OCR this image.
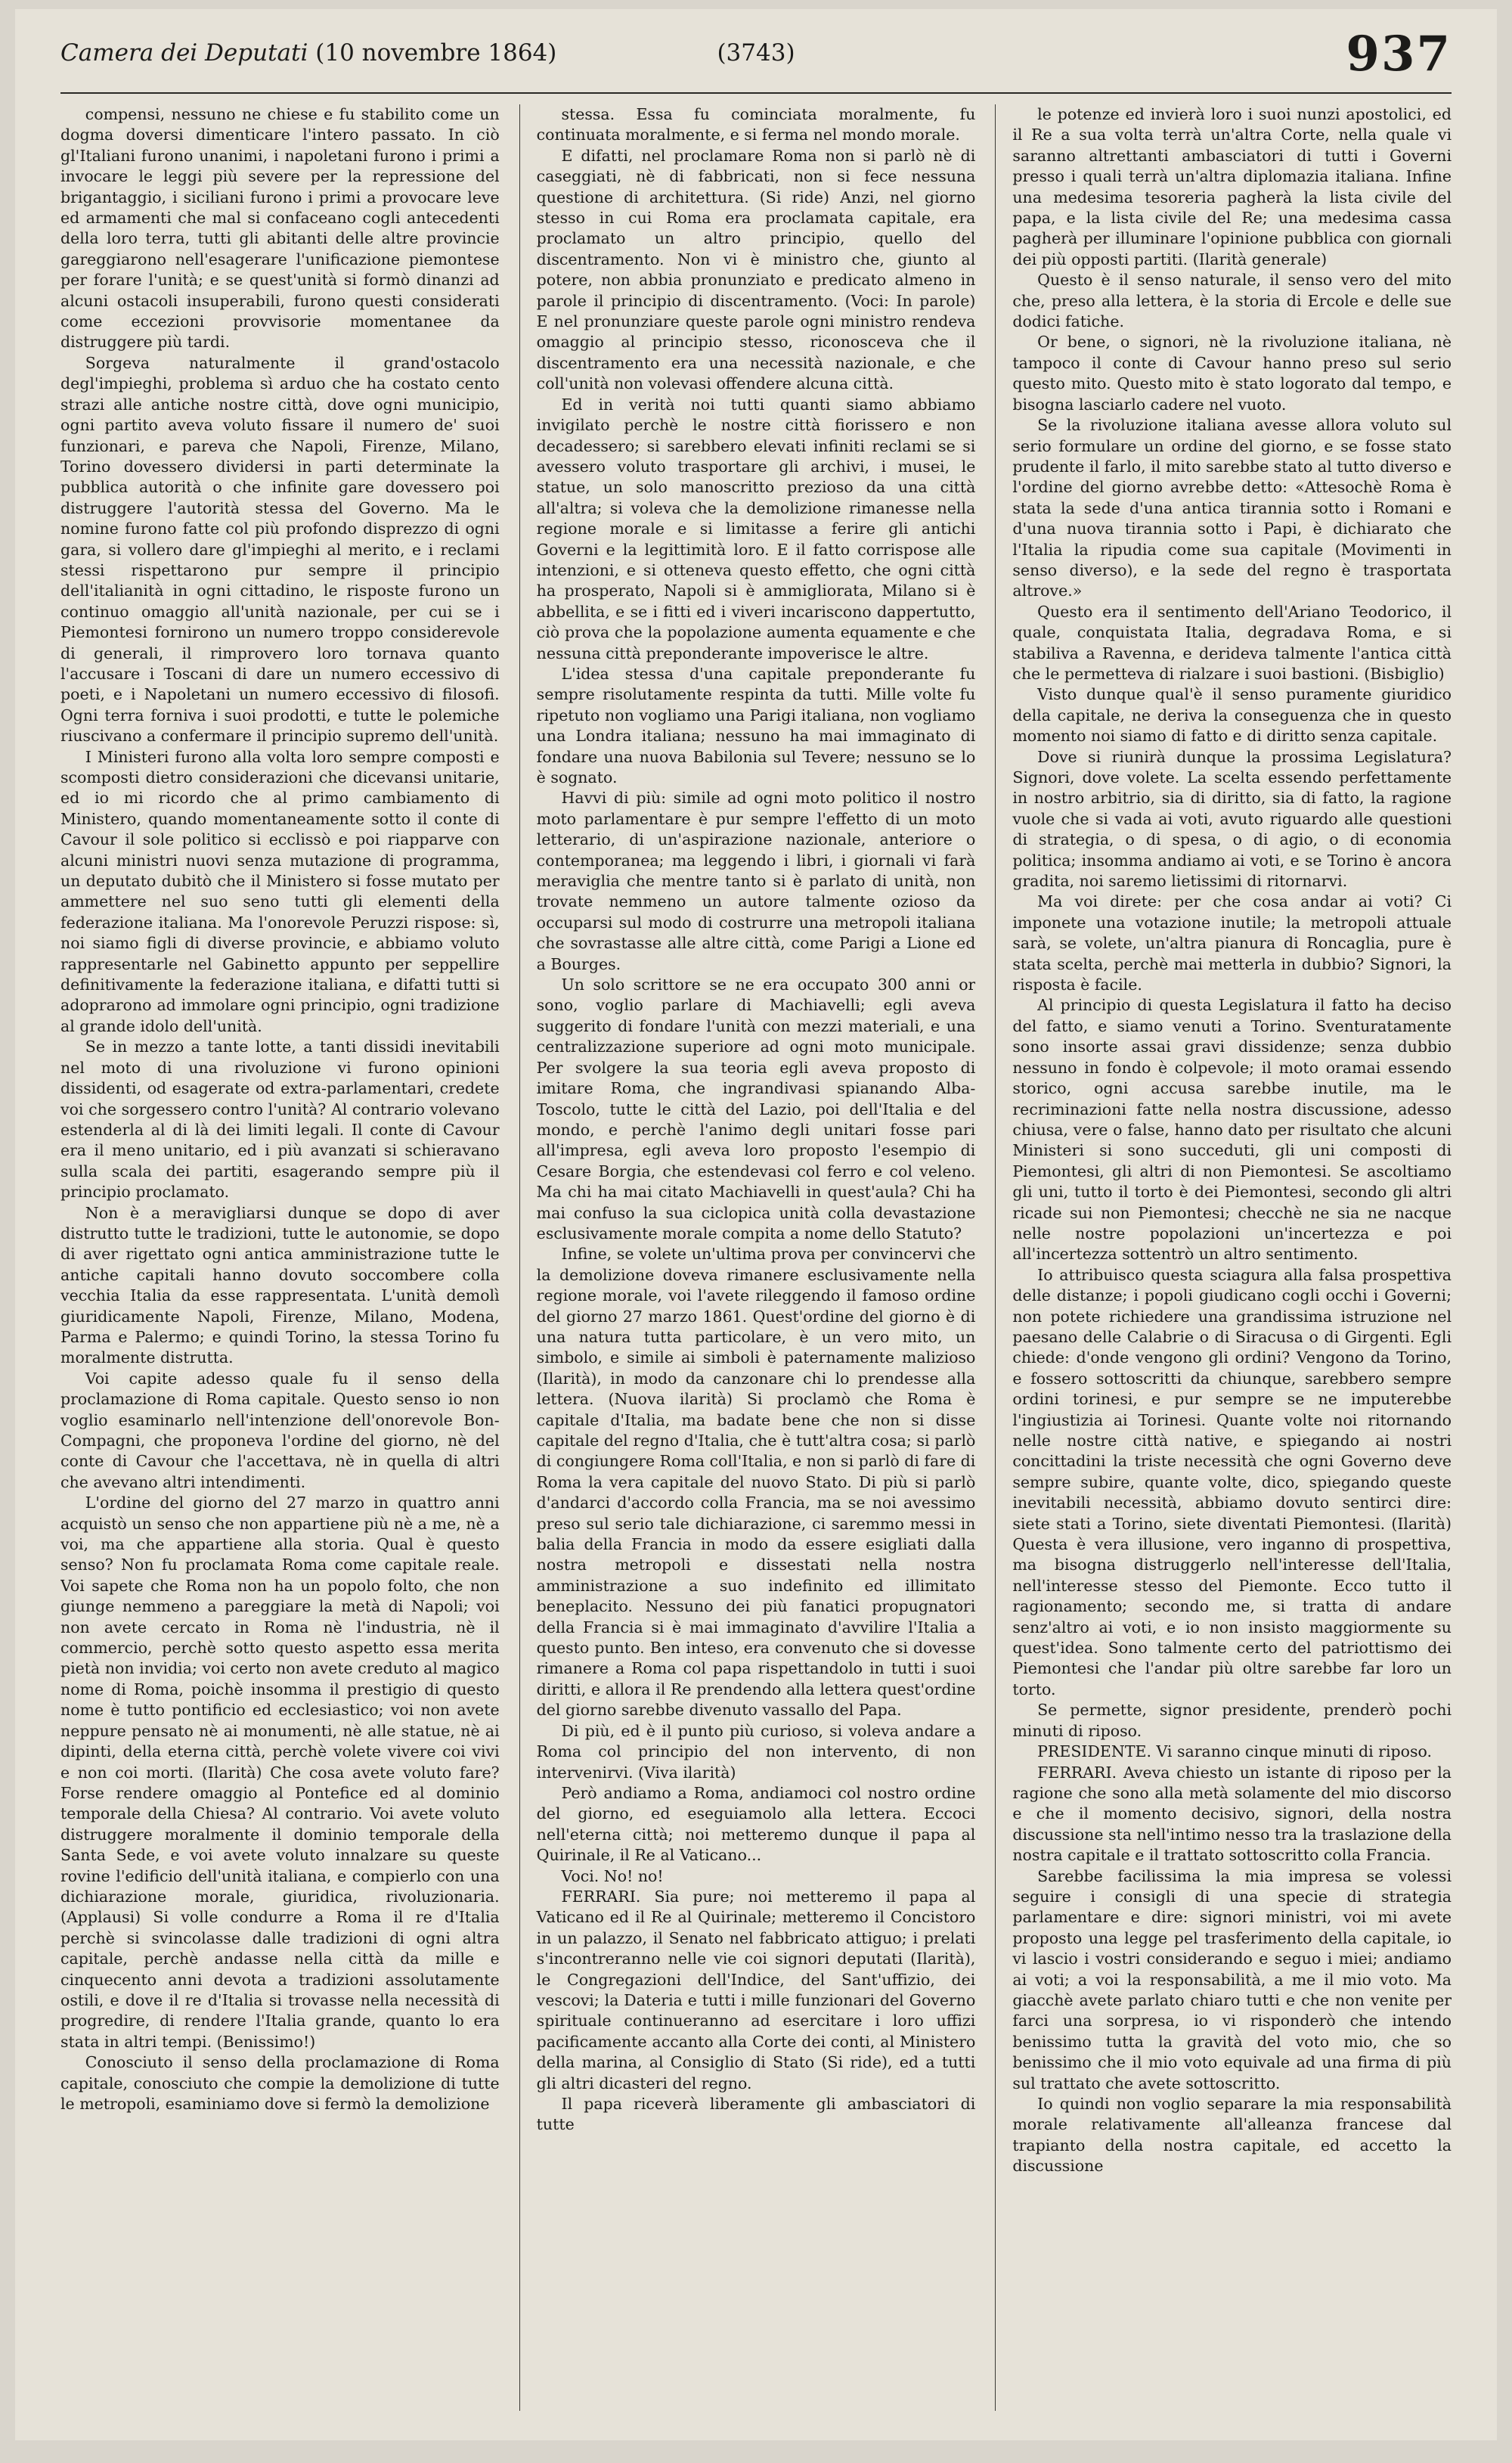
Camera dei Deputati (10 novembre 1864)	(3743)	937

compensi, nessuno ne chiese e fu stabilito come un dogma doversi dimenticare l'intero passato. In ciò gl'Italiani furono unanimi, i napoletani furono i primi a invocare le leggi più severe per la repressione del brigantaggio, i siciliani furono i primi a provocare leve ed armamenti che mal si confaceano cogli antecedenti della loro terra, tutti gli abitanti delle altre provincie gareggiarono nell'esagerare l'unificazione piemontese per forare l'unità; e se quest'unità si formò dinanzi ad alcuni ostacoli insuperabili, furono questi considerati come eccezioni provvisorie momentanee da distruggere più tardi.

Sorgeva naturalmente il grand'ostacolo degl'impieghi, problema sì arduo che ha costato cento strazi alle antiche nostre città, dove ogni municipio, ogni partito aveva voluto fissare il numero de' suoi funzionari, e pareva che Napoli, Firenze, Milano, Torino dovessero dividersi in parti determinate la pubblica autorità o che infinite gare dovessero poi distruggere l'autorità stessa del Governo. Ma le nomine furono fatte col più profondo disprezzo di ogni gara, si vollero dare gl'impieghi al merito, e i reclami stessi rispettarono pur sempre il principio dell'italianità in ogni cittadino, le risposte furono un continuo omaggio all'unità nazionale, per cui se i Piemontesi fornirono un numero troppo considerevole di generali, il rimprovero loro tornava quanto l'accusare i Toscani di dare un numero eccessivo di poeti, e i Napoletani un numero eccessivo di filosofi. Ogni terra forniva i suoi prodotti, e tutte le polemiche riuscivano a confermare il principio supremo dell'unità.

I Ministeri furono alla volta loro sempre composti e scomposti dietro considerazioni che dicevansi unitarie, ed io mi ricordo che al primo cambiamento di Ministero, quando momentaneamente sotto il conte di Cavour il sole politico si ecclissò e poi riapparve con alcuni ministri nuovi senza mutazione di programma, un deputato dubitò che il Ministero si fosse mutato per ammettere nel suo seno tutti gli elementi della federazione italiana. Ma l'onorevole Peruzzi rispose: sì, noi siamo figli di diverse provincie, e abbiamo voluto rappresentarle nel Gabinetto appunto per seppellire definitivamente la federazione italiana, e difatti tutti si adoprarono ad immolare ogni principio, ogni tradizione al grande idolo dell'unità.

Se in mezzo a tante lotte, a tanti dissidi inevitabili nel moto di una rivoluzione vi furono opinioni dissidenti, od esagerate od extra-parlamentari, credete voi che sorgessero contro l'unità? Al contrario volevano estenderla al di là dei limiti legali. Il conte di Cavour era il meno unitario, ed i più avanzati si schieravano sulla scala dei partiti, esagerando sempre più il principio proclamato.

Non è a meravigliarsi dunque se dopo di aver distrutto tutte le tradizioni, tutte le autonomie, se dopo di aver rigettato ogni antica amministrazione tutte le antiche capitali hanno dovuto soccombere colla vecchia Italia da esse rappresentata. L'unità demolì giuridicamente Napoli, Firenze, Milano, Modena, Parma e Palermo; e quindi Torino, la stessa Torino fu moralmente distrutta.

Voi capite adesso quale fu il senso della proclamazione di Roma capitale. Questo senso io non voglio esaminarlo nell'intenzione dell'onorevole Bon-Compagni, che proponeva l'ordine del giorno, nè del conte di Cavour che l'accettava, nè in quella di altri che avevano altri intendimenti.

L'ordine del giorno del 27 marzo in quattro anni acquistò un senso che non appartiene più nè a me, nè a voi, ma che appartiene alla storia. Qual è questo senso? Non fu proclamata Roma come capitale reale. Voi sapete che Roma non ha un popolo folto, che non giunge nemmeno a pareggiare la metà di Napoli; voi non avete cercato in Roma nè l'industria, nè il commercio, perchè sotto questo aspetto essa merita pietà non invidia; voi certo non avete creduto al magico nome di Roma, poichè insomma il prestigio di questo nome è tutto pontificio ed ecclesiastico; voi non avete neppure pensato nè ai monumenti, nè alle statue, nè ai dipinti, della eterna città, perchè volete vivere coi vivi e non coi morti. (Ilarità) Che cosa avete voluto fare? Forse rendere omaggio al Pontefice ed al dominio temporale della Chiesa? Al contrario. Voi avete voluto distruggere moralmente il dominio temporale della Santa Sede, e voi avete voluto innalzare su queste rovine l'edificio dell'unità italiana, e compierlo con una dichiarazione morale, giuridica, rivoluzionaria. (Applausi) Si volle condurre a Roma il re d'Italia perchè si svincolasse dalle tradizioni di ogni altra capitale, perchè andasse nella città da mille e cinquecento anni devota a tradizioni assolutamente ostili, e dove il re d'Italia si trovasse nella necessità di progredire, di rendere l'Italia grande, quanto lo era stata in altri tempi. (Benissimo!)

Conosciuto il senso della proclamazione di Roma capitale, conosciuto che compie la demolizione di tutte le metropoli, esaminiamo dove si fermò la demolizione

stessa. Essa fu cominciata moralmente, fu continuata moralmente, e si ferma nel mondo morale.

E difatti, nel proclamare Roma non si parlò nè di caseggiati, nè di fabbricati, non si fece nessuna questione di architettura. (Si ride) Anzi, nel giorno stesso in cui Roma era proclamata capitale, era proclamato un altro principio, quello del discentramento. Non vi è ministro che, giunto al potere, non abbia pronunziato e predicato almeno in parole il principio di discentramento. (Voci: In parole) E nel pronunziare queste parole ogni ministro rendeva omaggio al principio stesso, riconosceva che il discentramento era una necessità nazionale, e che coll'unità non volevasi offendere alcuna città.

Ed in verità noi tutti quanti siamo abbiamo invigilato perchè le nostre città fiorissero e non decadessero; si sarebbero elevati infiniti reclami se si avessero voluto trasportare gli archivi, i musei, le statue, un solo manoscritto prezioso da una città all'altra; si voleva che la demolizione rimanesse nella regione morale e si limitasse a ferire gli antichi Governi e la legittimità loro. E il fatto corrispose alle intenzioni, e si otteneva questo effetto, che ogni città ha prosperato, Napoli si è ammigliorata, Milano si è abbellita, e se i fitti ed i viveri incariscono dappertutto, ciò prova che la popolazione aumenta equamente e che nessuna città preponderante impoverisce le altre.

L'idea stessa d'una capitale preponderante fu sempre risolutamente respinta da tutti. Mille volte fu ripetuto non vogliamo una Parigi italiana, non vogliamo una Londra italiana; nessuno ha mai immaginato di fondare una nuova Babilonia sul Tevere; nessuno se lo è sognato.

Havvi di più: simile ad ogni moto politico il nostro moto parlamentare è pur sempre l'effetto di un moto letterario, di un'aspirazione nazionale, anteriore o contemporanea; ma leggendo i libri, i giornali vi farà meraviglia che mentre tanto si è parlato di unità, non trovate nemmeno un autore talmente ozioso da occuparsi sul modo di costrurre una metropoli italiana che sovrastasse alle altre città, come Parigi a Lione ed a Bourges.

Un solo scrittore se ne era occupato 300 anni or sono, voglio parlare di Machiavelli; egli aveva suggerito di fondare l'unità con mezzi materiali, e una centralizzazione superiore ad ogni moto municipale. Per svolgere la sua teoria egli aveva proposto di imitare Roma, che ingrandivasi spianando Alba-Toscolo, tutte le città del Lazio, poi dell'Italia e del mondo, e perchè l'animo degli unitari fosse pari all'impresa, egli aveva loro proposto l'esempio di Cesare Borgia, che estendevasi col ferro e col veleno. Ma chi ha mai citato Machiavelli in quest'aula? Chi ha mai confuso la sua ciclopica unità colla devastazione esclusivamente morale compita a nome dello Statuto?

Infine, se volete un'ultima prova per convincervi che la demolizione doveva rimanere esclusivamente nella regione morale, voi l'avete rileggendo il famoso ordine del giorno 27 marzo 1861. Quest'ordine del giorno è di una natura tutta particolare, è un vero mito, un simbolo, e simile ai simboli è paternamente malizioso (Ilarità), in modo da canzonare chi lo prendesse alla lettera. (Nuova ilarità) Si proclamò che Roma è capitale d'Italia, ma badate bene che non si disse capitale del regno d'Italia, che è tutt'altra cosa; si parlò di congiungere Roma coll'Italia, e non si parlò di fare di Roma la vera capitale del nuovo Stato. Di più si parlò d'andarci d'accordo colla Francia, ma se noi avessimo preso sul serio tale dichiarazione, ci saremmo messi in balia della Francia in modo da essere esigliati dalla nostra metropoli e dissestati nella nostra amministrazione a suo indefinito ed illimitato beneplacito. Nessuno dei più fanatici propugnatori della Francia si è mai immaginato d'avvilire l'Italia a questo punto. Ben inteso, era convenuto che si dovesse rimanere a Roma col papa rispettandolo in tutti i suoi diritti, e allora il Re prendendo alla lettera quest'ordine del giorno sarebbe divenuto vassallo del Papa.

Di più, ed è il punto più curioso, si voleva andare a Roma col principio del non intervento, di non intervenirvi. (Viva ilarità)

Però andiamo a Roma, andiamoci col nostro ordine del giorno, ed eseguiamolo alla lettera. Eccoci nell'eterna città; noi metteremo dunque il papa al Quirinale, il Re al Vaticano...

Voci. No! no!

FERRARI. Sia pure; noi metteremo il papa al Vaticano ed il Re al Quirinale; metteremo il Concistoro in un palazzo, il Senato nel fabbricato attiguo; i prelati s'incontreranno nelle vie coi signori deputati (Ilarità), le Congregazioni dell'Indice, del Sant'uffizio, dei vescovi; la Dateria e tutti i mille funzionari del Governo spirituale continueranno ad esercitare i loro uffizi pacificamente accanto alla Corte dei conti, al Ministero della marina, al Consiglio di Stato (Si ride), ed a tutti gli altri dicasteri del regno.

Il papa riceverà liberamente gli ambasciatori di tutte

le potenze ed invierà loro i suoi nunzi apostolici, ed il Re a sua volta terrà un'altra Corte, nella quale vi saranno altrettanti ambasciatori di tutti i Governi presso i quali terrà un'altra diplomazia italiana. Infine una medesima tesoreria pagherà la lista civile del papa, e la lista civile del Re; una medesima cassa pagherà per illuminare l'opinione pubblica con giornali dei più opposti partiti. (Ilarità generale)

Questo è il senso naturale, il senso vero del mito che, preso alla lettera, è la storia di Ercole e delle sue dodici fatiche.

Or bene, o signori, nè la rivoluzione italiana, nè tampoco il conte di Cavour hanno preso sul serio questo mito. Questo mito è stato logorato dal tempo, e bisogna lasciarlo cadere nel vuoto.

Se la rivoluzione italiana avesse allora voluto sul serio formulare un ordine del giorno, e se fosse stato prudente il farlo, il mito sarebbe stato al tutto diverso e l'ordine del giorno avrebbe detto: «Attesochè Roma è stata la sede d'una antica tirannia sotto i Romani e d'una nuova tirannia sotto i Papi, è dichiarato che l'Italia la ripudia come sua capitale (Movimenti in senso diverso), e la sede del regno è trasportata altrove.»

Questo era il sentimento dell'Ariano Teodorico, il quale, conquistata Italia, degradava Roma, e si stabiliva a Ravenna, e derideva talmente l'antica città che le permetteva di rialzare i suoi bastioni. (Bisbiglio)

Visto dunque qual'è il senso puramente giuridico della capitale, ne deriva la conseguenza che in questo momento noi siamo di fatto e di diritto senza capitale.

Dove si riunirà dunque la prossima Legislatura? Signori, dove volete. La scelta essendo perfettamente in nostro arbitrio, sia di diritto, sia di fatto, la ragione vuole che si vada ai voti, avuto riguardo alle questioni di strategia, o di spesa, o di agio, o di economia politica; insomma andiamo ai voti, e se Torino è ancora gradita, noi saremo lietissimi di ritornarvi.

Ma voi direte: per che cosa andar ai voti? Ci imponete una votazione inutile; la metropoli attuale sarà, se volete, un'altra pianura di Roncaglia, pure è stata scelta, perchè mai metterla in dubbio? Signori, la risposta è facile.

Al principio di questa Legislatura il fatto ha deciso del fatto, e siamo venuti a Torino. Sventuratamente sono insorte assai gravi dissidenze; senza dubbio nessuno in fondo è colpevole; il moto oramai essendo storico, ogni accusa sarebbe inutile, ma le recriminazioni fatte nella nostra discussione, adesso chiusa, vere o false, hanno dato per risultato che alcuni Ministeri si sono succeduti, gli uni composti di Piemontesi, gli altri di non Piemontesi. Se ascoltiamo gli uni, tutto il torto è dei Piemontesi, secondo gli altri ricade sui non Piemontesi; checchè ne sia ne nacque nelle nostre popolazioni un'incertezza e poi all'incertezza sottentrò un altro sentimento.

Io attribuisco questa sciagura alla falsa prospettiva delle distanze; i popoli giudicano cogli occhi i Governi; non potete richiedere una grandissima istruzione nel paesano delle Calabrie o di Siracusa o di Girgenti. Egli chiede: d'onde vengono gli ordini? Vengono da Torino, e fossero sottoscritti da chiunque, sarebbero sempre ordini torinesi, e pur sempre se ne imputerebbe l'ingiustizia ai Torinesi. Quante volte noi ritornando nelle nostre città native, e spiegando ai nostri concittadini la triste necessità che ogni Governo deve sempre subire, quante volte, dico, spiegando queste inevitabili necessità, abbiamo dovuto sentirci dire: siete stati a Torino, siete diventati Piemontesi. (Ilarità) Questa è vera illusione, vero inganno di prospettiva, ma bisogna distruggerlo nell'interesse dell'Italia, nell'interesse stesso del Piemonte. Ecco tutto il ragionamento; secondo me, si tratta di andare senz'altro ai voti, e io non insisto maggiormente su quest'idea. Sono talmente certo del patriottismo dei Piemontesi che l'andar più oltre sarebbe far loro un torto.

Se permette, signor presidente, prenderò pochi minuti di riposo.

PRESIDENTE. Vi saranno cinque minuti di riposo.

FERRARI. Aveva chiesto un istante di riposo per la ragione che sono alla metà solamente del mio discorso e che il momento decisivo, signori, della nostra discussione sta nell'intimo nesso tra la traslazione della nostra capitale e il trattato sottoscritto colla Francia.

Sarebbe facilissima la mia impresa se volessi seguire i consigli di una specie di strategia parlamentare e dire: signori ministri, voi mi avete proposto una legge pel trasferimento della capitale, io vi lascio i vostri considerando e seguo i miei; andiamo ai voti; a voi la responsabilità, a me il mio voto. Ma giacchè avete parlato chiaro tutti e che non venite per farci una sorpresa, io vi risponderò che intendo benissimo tutta la gravità del voto mio, che so benissimo che il mio voto equivale ad una firma di più sul trattato che avete sottoscritto.

Io quindi non voglio separare la mia responsabilità morale relativamente all'alleanza francese dal trapianto della nostra capitale, ed accetto la discussione
